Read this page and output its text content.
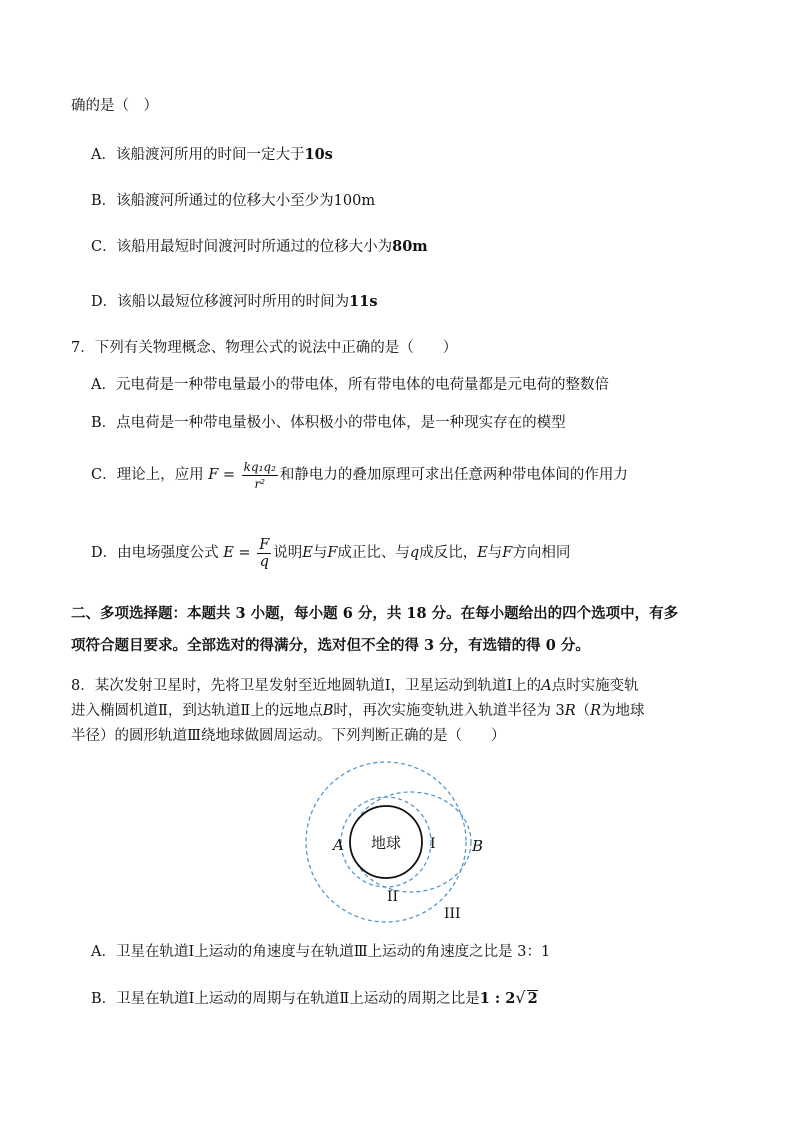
确的是（　）
A．该船渡河所用的时间一定大于10s
B．该船渡河所通过的位移大小至少为100m
C．该船用最短时间渡河时所通过的位移大小为80m
D．该船以最短位移渡河时所用的时间为11s
7．下列有关物理概念、物理公式的说法中正确的是（　　）
A．元电荷是一种带电量最小的带电体，所有带电体的电荷量都是元电荷的整数倍
B．点电荷是一种带电量极小、体积极小的带电体，是一种现实存在的模型
C．理论上，应用 $F = \frac{\text{kq₁q₂}}{\text{r²}}$ 和静电力的叠加原理可求出任意两种带电体间的作用力
D．由电场强度公式 $E = \frac{F}{q}$ 说明E与F成正比、与q成反比，E与F方向相同
二、多项选择题：本题共 3 小题，每小题 6 分，共 18 分。在每小题给出的四个选项中，有多
项符合题目要求。全部选对的得满分，选对但不全的得 3 分，有选错的得 0 分。
8．某次发射卫星时，先将卫星发射至近地圆轨道Ⅰ，卫星运动到轨道Ⅰ上的A点时实施变轨
进入椭圆机道Ⅱ，到达轨道Ⅱ上的远地点B时，再次实施变轨进入轨道半径为 3R（R为地球
半径）的圆形轨道Ⅲ绕地球做圆周运动。下列判断正确的是（　　）
地球
A	B
I
II
III
A．卫星在轨道Ⅰ上运动的角速度与在轨道Ⅲ上运动的角速度之比是 3：1
B．卫星在轨道Ⅰ上运动的周期与在轨道Ⅱ上运动的周期之比是1 : 2√ 2
